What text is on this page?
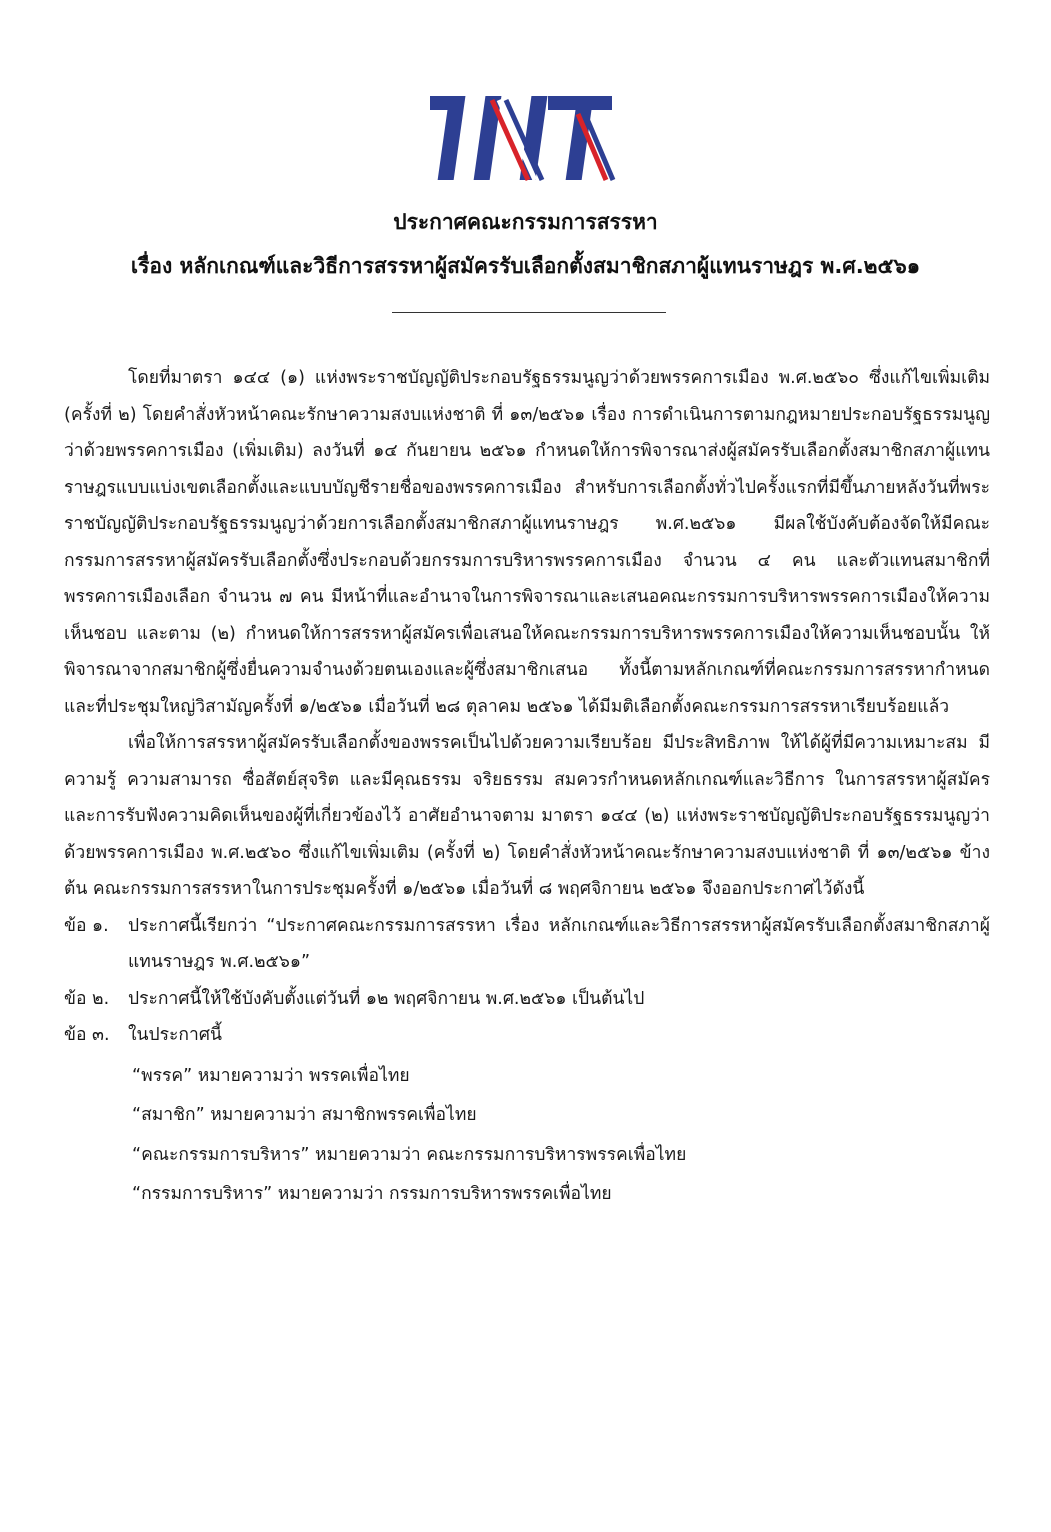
ประกาศคณะกรรมการสรรหา
เรื่อง หลักเกณฑ์และวิธีการสรรหาผู้สมัครรับเลือกตั้งสมาชิกสภาผู้แทนราษฎร พ.ศ.๒๕๖๑

โดยที่มาตรา ๑๔๔ (๑) แห่งพระราชบัญญัติประกอบรัฐธรรมนูญว่าด้วยพรรคการเมือง พ.ศ.๒๕๖๐ ซึ่งแก้ไขเพิ่มเติม (ครั้งที่ ๒) โดยคำสั่งหัวหน้าคณะรักษาความสงบแห่งชาติ ที่ ๑๓/๒๕๖๑ เรื่อง การดำเนินการตามกฎหมายประกอบรัฐธรรมนูญว่าด้วยพรรคการเมือง (เพิ่มเติม) ลงวันที่ ๑๔ กันยายน ๒๕๖๑ กำหนดให้การพิจารณาส่งผู้สมัครรับเลือกตั้งสมาชิกสภาผู้แทนราษฎรแบบแบ่งเขตเลือกตั้งและแบบบัญชีรายชื่อของพรรคการเมือง สำหรับการเลือกตั้งทั่วไปครั้งแรกที่มีขึ้นภายหลังวันที่พระราชบัญญัติประกอบรัฐธรรมนูญว่าด้วยการเลือกตั้งสมาชิกสภาผู้แทนราษฎร พ.ศ.๒๕๖๑ มีผลใช้บังคับต้องจัดให้มีคณะกรรมการสรรหาผู้สมัครรับเลือกตั้งซึ่งประกอบด้วยกรรมการบริหารพรรคการเมือง จำนวน ๔ คน และตัวแทนสมาชิกที่พรรคการเมืองเลือก จำนวน ๗ คน มีหน้าที่และอำนาจในการพิจารณาและเสนอคณะกรรมการบริหารพรรคการเมืองให้ความเห็นชอบ และตาม (๒) กำหนดให้การสรรหาผู้สมัครเพื่อเสนอให้คณะกรรมการบริหารพรรคการเมืองให้ความเห็นชอบนั้น ให้พิจารณาจากสมาชิกผู้ซึ่งยื่นความจำนงด้วยตนเองและผู้ซึ่งสมาชิกเสนอ ทั้งนี้ตามหลักเกณฑ์ที่คณะกรรมการสรรหากำหนด และที่ประชุมใหญ่วิสามัญครั้งที่ ๑/๒๕๖๑ เมื่อวันที่ ๒๘ ตุลาคม ๒๕๖๑ ได้มีมติเลือกตั้งคณะกรรมการสรรหาเรียบร้อยแล้ว

เพื่อให้การสรรหาผู้สมัครรับเลือกตั้งของพรรคเป็นไปด้วยความเรียบร้อย มีประสิทธิภาพ ให้ได้ผู้ที่มีความเหมาะสม มีความรู้ ความสามารถ ซื่อสัตย์สุจริต และมีคุณธรรม จริยธรรม สมควรกำหนดหลักเกณฑ์และวิธีการ ในการสรรหาผู้สมัคร และการรับฟังความคิดเห็นของผู้ที่เกี่ยวข้องไว้ อาศัยอำนาจตาม มาตรา ๑๔๔ (๒) แห่งพระราชบัญญัติประกอบรัฐธรรมนูญว่าด้วยพรรคการเมือง พ.ศ.๒๕๖๐ ซึ่งแก้ไขเพิ่มเติม (ครั้งที่ ๒) โดยคำสั่งหัวหน้าคณะรักษาความสงบแห่งชาติ ที่ ๑๓/๒๕๖๑ ข้างต้น คณะกรรมการสรรหาในการประชุมครั้งที่ ๑/๒๕๖๑ เมื่อวันที่ ๘ พฤศจิกายน ๒๕๖๑ จึงออกประกาศไว้ดังนี้

ข้อ ๑.	ประกาศนี้เรียกว่า “ประกาศคณะกรรมการสรรหา เรื่อง หลักเกณฑ์และวิธีการสรรหาผู้สมัครรับเลือกตั้งสมาชิกสภาผู้แทนราษฎร พ.ศ.๒๕๖๑”
ข้อ ๒.	ประกาศนี้ให้ใช้บังคับตั้งแต่วันที่ ๑๒ พฤศจิกายน พ.ศ.๒๕๖๑ เป็นต้นไป
ข้อ ๓.	ในประกาศนี้
“พรรค” หมายความว่า พรรคเพื่อไทย
“สมาชิก” หมายความว่า สมาชิกพรรคเพื่อไทย
“คณะกรรมการบริหาร” หมายความว่า คณะกรรมการบริหารพรรคเพื่อไทย
“กรรมการบริหาร” หมายความว่า กรรมการบริหารพรรคเพื่อไทย
